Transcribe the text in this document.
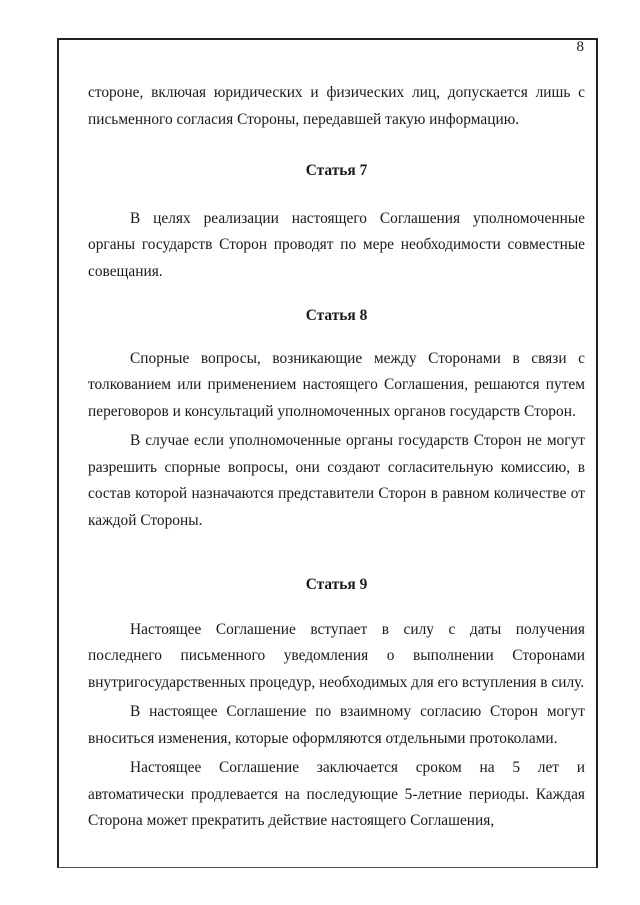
8

стороне, включая юридических и физических лиц, допускается лишь с письменного согласия Стороны, передавшей такую информацию.

Статья 7

В целях реализации настоящего Соглашения уполномоченные органы государств Сторон проводят по мере необходимости совместные совещания.

Статья 8

Спорные вопросы, возникающие между Сторонами в связи с толкованием или применением настоящего Соглашения, решаются путем переговоров и консультаций уполномоченных органов государств Сторон.

В случае если уполномоченные органы государств Сторон не могут разрешить спорные вопросы, они создают согласительную комиссию, в состав которой назначаются представители Сторон в равном количестве от каждой Стороны.

Статья 9

Настоящее Соглашение вступает в силу с даты получения последнего письменного уведомления о выполнении Сторонами внутригосударственных процедур, необходимых для его вступления в силу.

В настоящее Соглашение по взаимному согласию Сторон могут вноситься изменения, которые оформляются отдельными протоколами.

Настоящее Соглашение заключается сроком на 5 лет и автоматически продлевается на последующие 5-летние периоды. Каждая Сторона может прекратить действие настоящего Соглашения,
